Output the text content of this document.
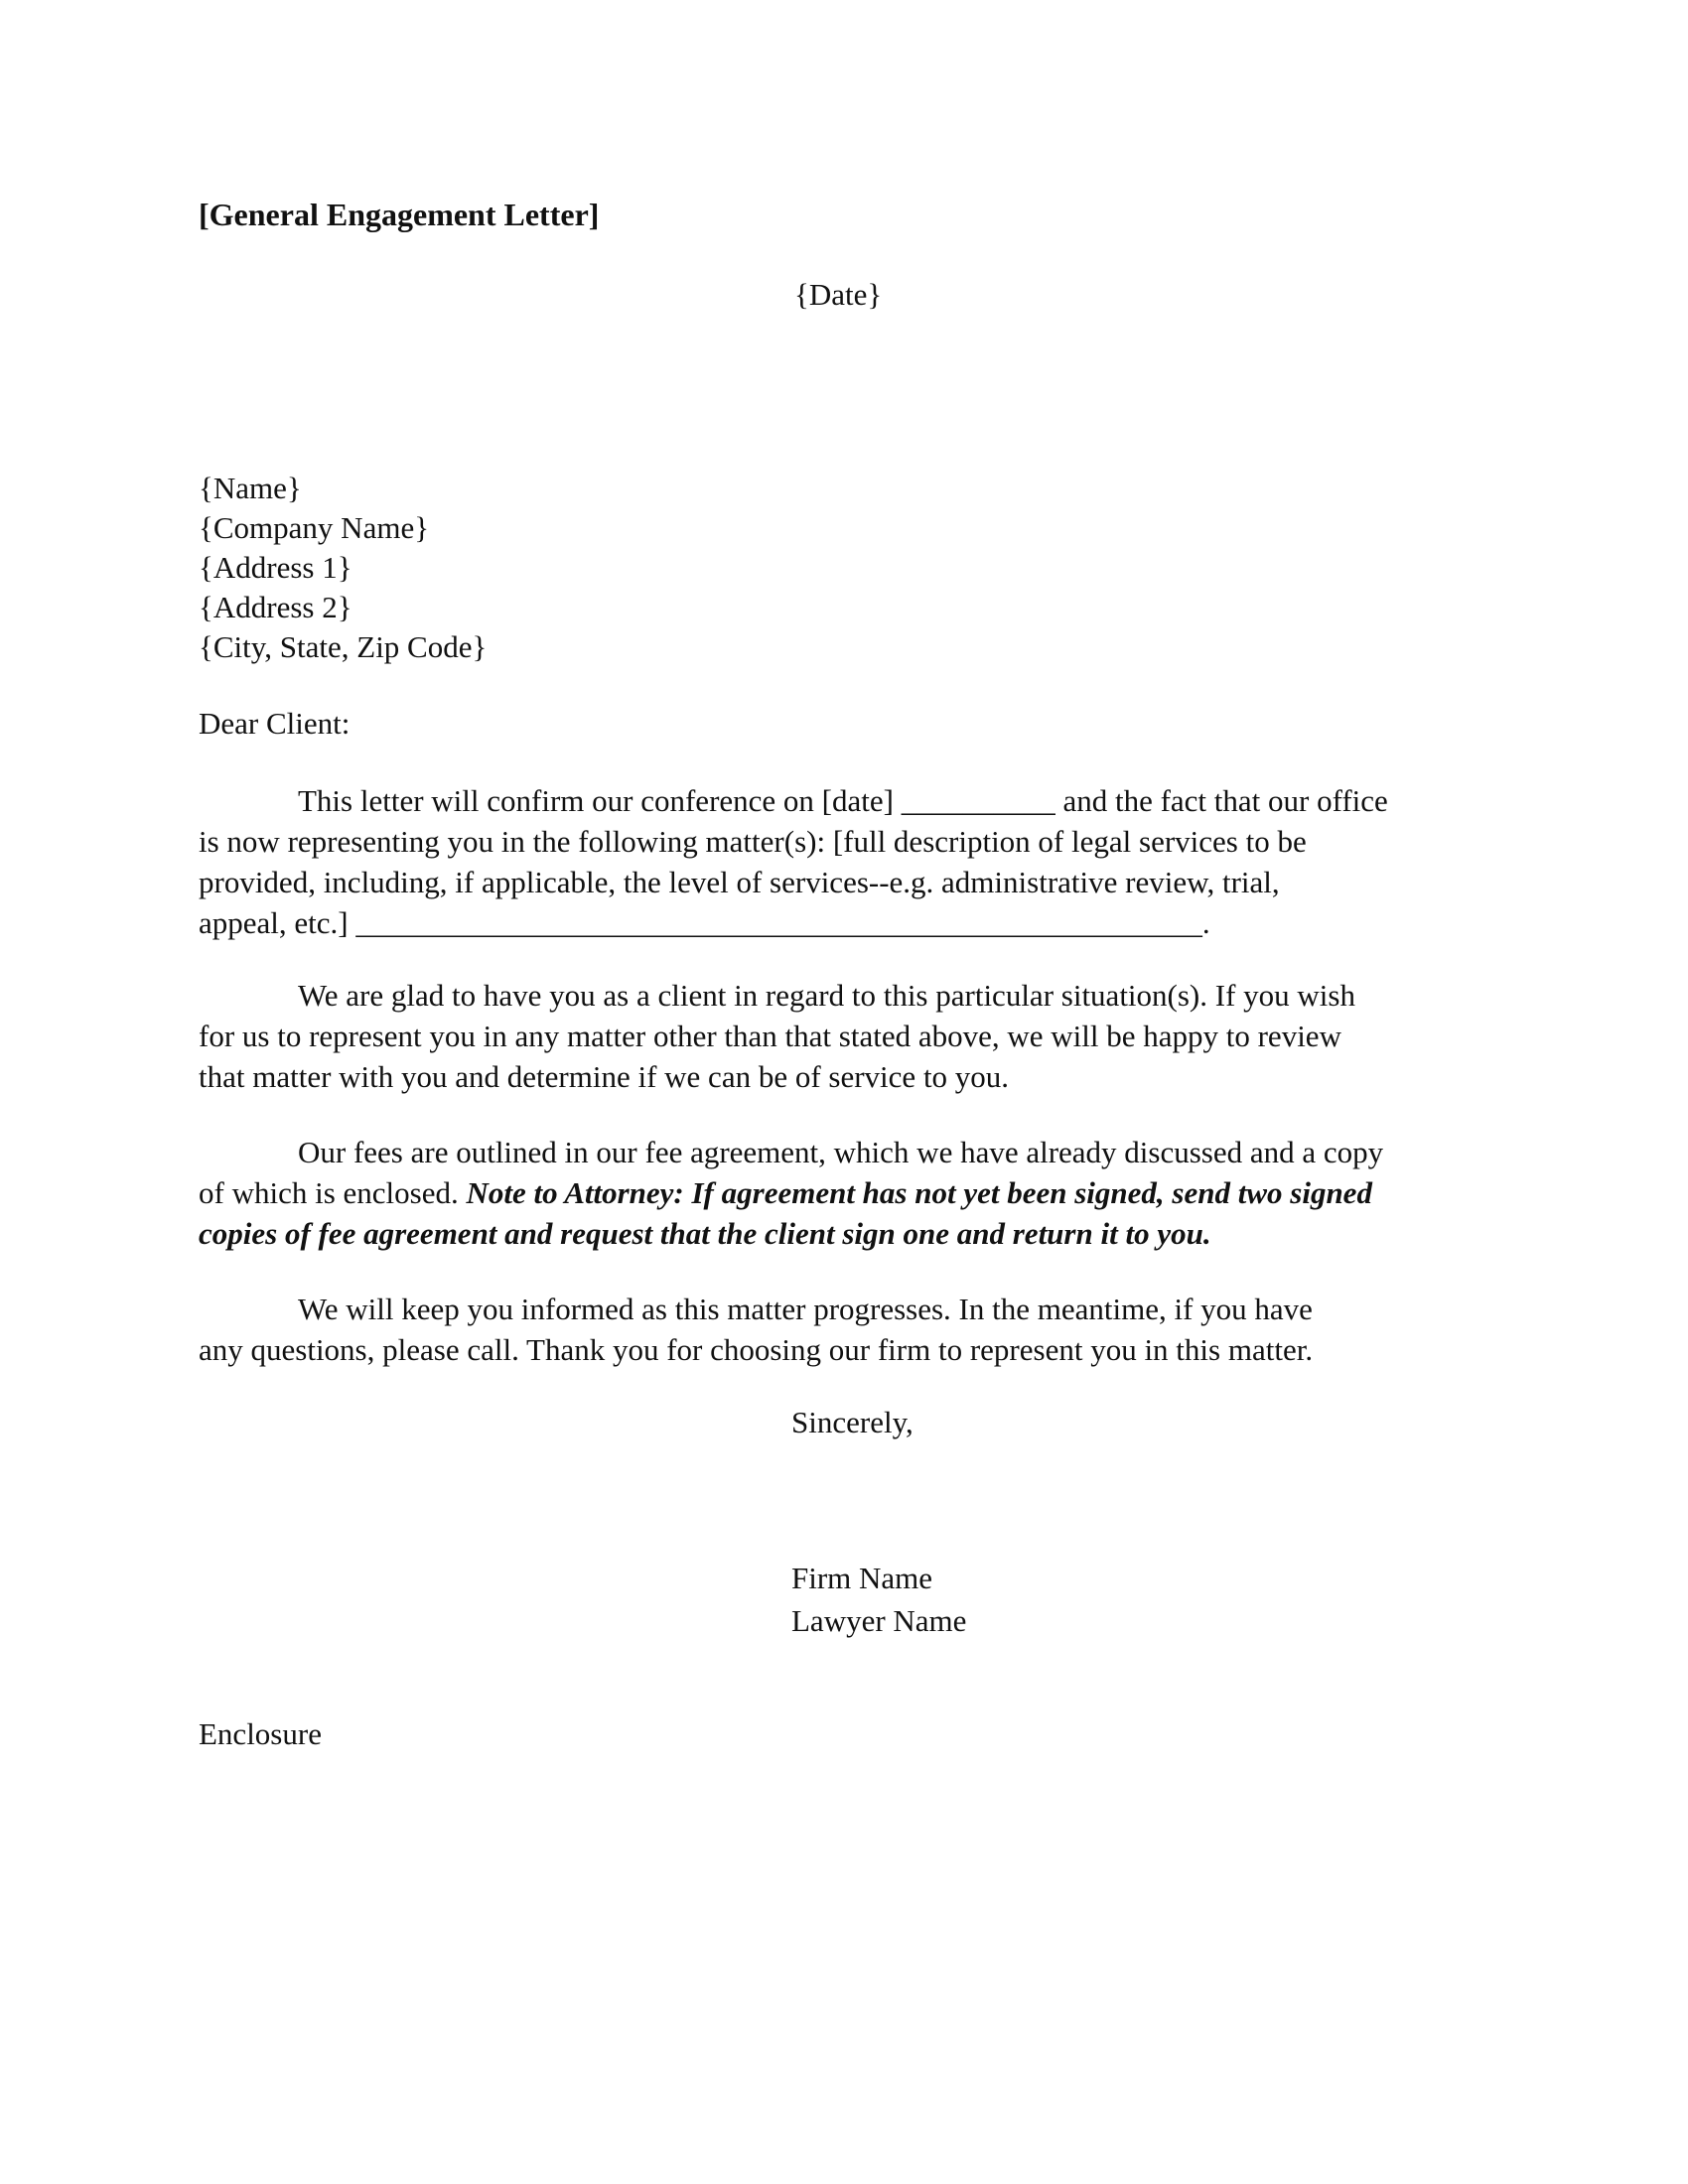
[General Engagement Letter]
{Date}
{Name}
{Company Name}
{Address 1}
{Address 2}
{City, State, Zip Code}
Dear Client:
This letter will confirm our conference on [date] __________ and the fact that our office
is now representing you in the following matter(s): [full description of legal services to be
provided, including, if applicable, the level of services--e.g. administrative review, trial,
appeal, etc.] _______________________________________________________.
We are glad to have you as a client in regard to this particular situation(s). If you wish
for us to represent you in any matter other than that stated above, we will be happy to review
that matter with you and determine if we can be of service to you.
Our fees are outlined in our fee agreement, which we have already discussed and a copy
of which is enclosed. Note to Attorney: If agreement has not yet been signed, send two signed
copies of fee agreement and request that the client sign one and return it to you.
We will keep you informed as this matter progresses. In the meantime, if you have
any questions, please call. Thank you for choosing our firm to represent you in this matter.
Sincerely,
Firm Name
Lawyer Name
Enclosure
